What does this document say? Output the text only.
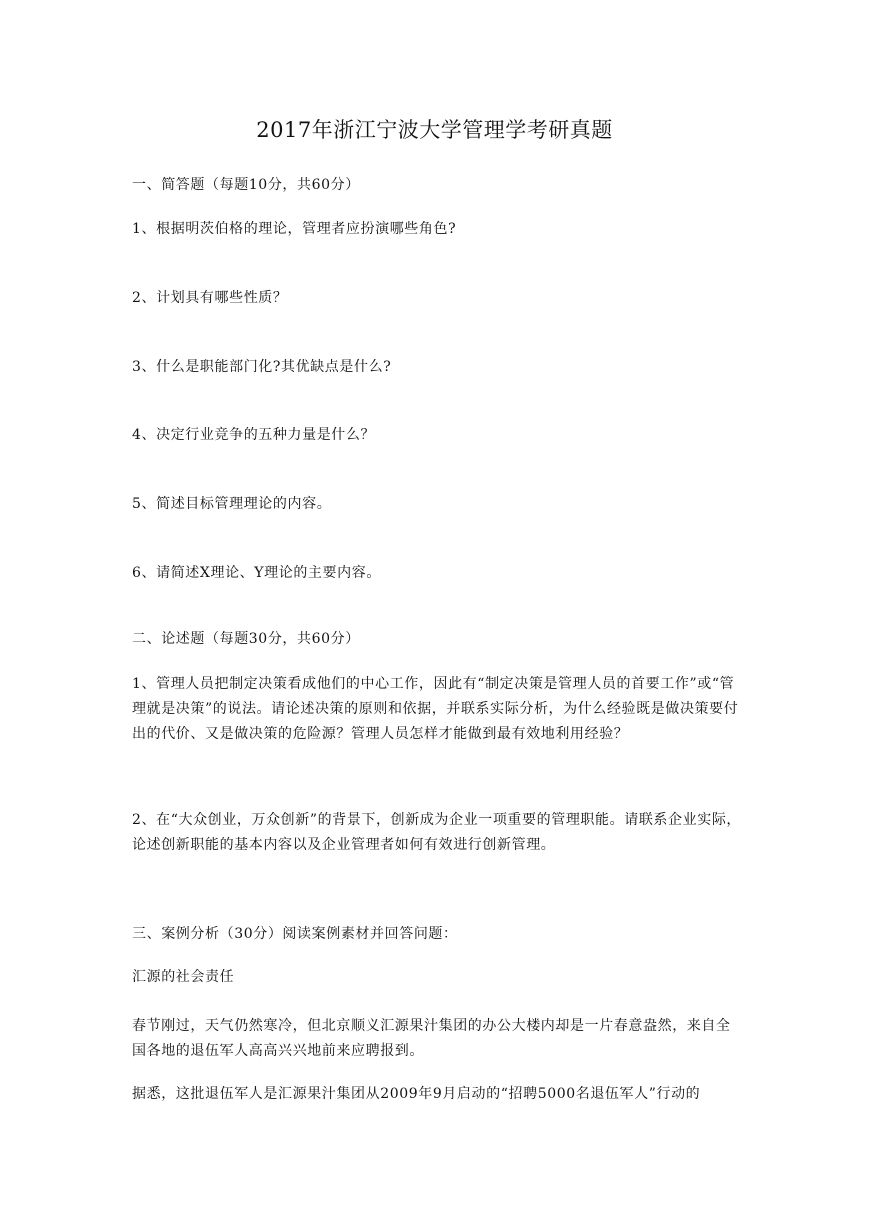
2017年浙江宁波大学管理学考研真题
一、简答题（每题10分，共60分）
1、根据明茨伯格的理论，管理者应扮演哪些角色?
2、计划具有哪些性质？
3、什么是职能部门化?其优缺点是什么?
4、决定行业竞争的五种力量是什么？
5、简述目标管理理论的内容。
6、请简述X理论、Y理论的主要内容。
二、论述题（每题30分，共60分）
1、管理人员把制定决策看成他们的中心工作，因此有“制定决策是管理人员的首要工作”或“管理就是决策”的说法。请论述决策的原则和依据，并联系实际分析，为什么经验既是做决策要付出的代价、又是做决策的危险源？管理人员怎样才能做到最有效地利用经验？
2、在“大众创业，万众创新”的背景下，创新成为企业一项重要的管理职能。请联系企业实际，论述创新职能的基本内容以及企业管理者如何有效进行创新管理。
三、案例分析（30分）阅读案例素材并回答问题：
汇源的社会责任
春节刚过，天气仍然寒冷，但北京顺义汇源果汁集团的办公大楼内却是一片春意盎然，来自全国各地的退伍军人高高兴兴地前来应聘报到。
据悉，这批退伍军人是汇源果汁集团从2009年9月启动的“招聘5000名退伍军人”行动的
